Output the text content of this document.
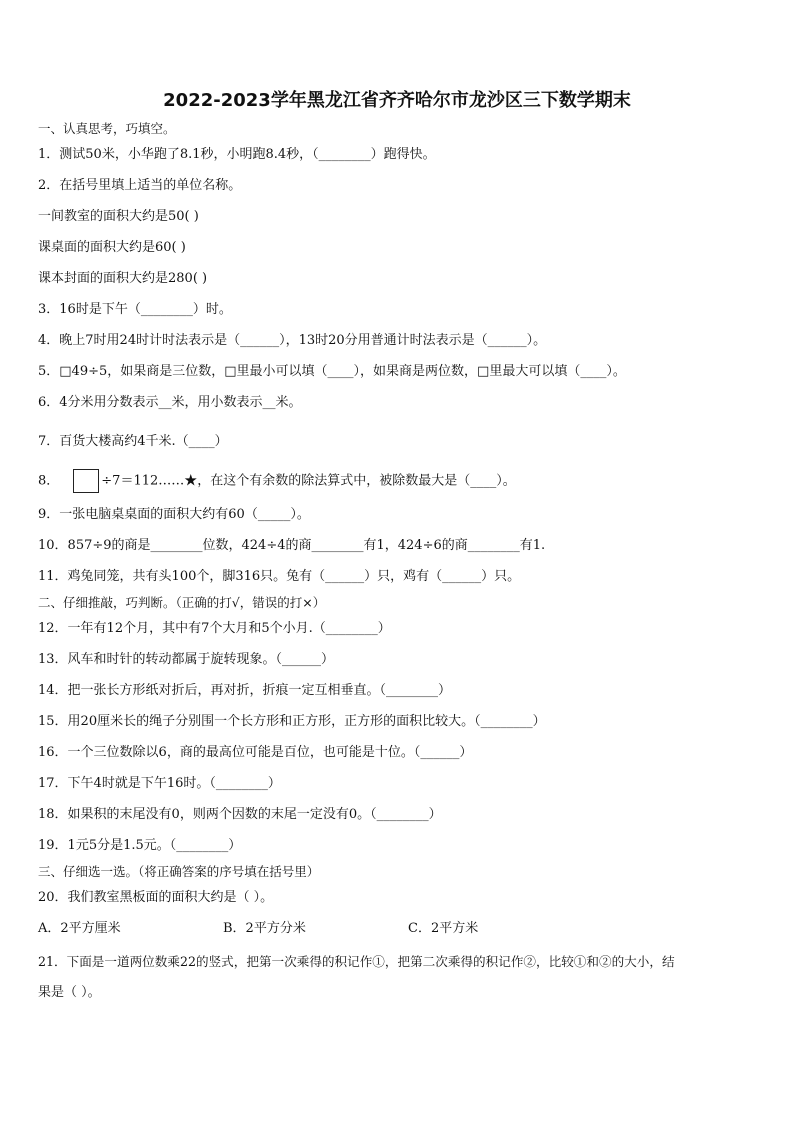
2022-2023学年黑龙江省齐齐哈尔市龙沙区三下数学期末
一、认真思考，巧填空。
1．测试50米，小华跑了8.1秒，小明跑8.4秒，（________）跑得快。
2．在括号里填上适当的单位名称。
一间教室的面积大约是50( )
课桌面的面积大约是60( )
课本封面的面积大约是280( )
3．16时是下午（________）时。
4．晚上7时用24时计时法表示是（______），13时20分用普通计时法表示是（______）。
5．□49÷5，如果商是三位数，□里最小可以填（____），如果商是两位数，□里最大可以填（____）。
6．4分米用分数表示__米，用小数表示__米。
7．百货大楼高约4千米.（____）
8．	÷7＝112……★，在这个有余数的除法算式中，被除数最大是（____）。
9．一张电脑桌桌面的面积大约有60（_____）。
10．857÷9的商是________位数，424÷4的商________有1，424÷6的商________有1.
11．鸡兔同笼，共有头100个，脚316只。兔有（______）只，鸡有（______）只。
二、仔细推敲，巧判断。（正确的打√，错误的打×）
12．一年有12个月，其中有7个大月和5个小月.（________）
13．风车和时针的转动都属于旋转现象。（______）
14．把一张长方形纸对折后，再对折，折痕一定互相垂直。（________）
15．用20厘米长的绳子分别围一个长方形和正方形，正方形的面积比较大。（________）
16．一个三位数除以6，商的最高位可能是百位，也可能是十位。（______）
17．下午4时就是下午16时。（________）
18．如果积的末尾没有0，则两个因数的末尾一定没有0。（________）
19．1元5分是1.5元。（________）
三、仔细选一选。（将正确答案的序号填在括号里）
20．我们教室黑板面的面积大约是（ ）。
A．2平方厘米	B．2平方分米	C．2平方米
21．下面是一道两位数乘22的竖式，把第一次乘得的积记作①，把第二次乘得的积记作②，比较①和②的大小，结
果是（ ）。
